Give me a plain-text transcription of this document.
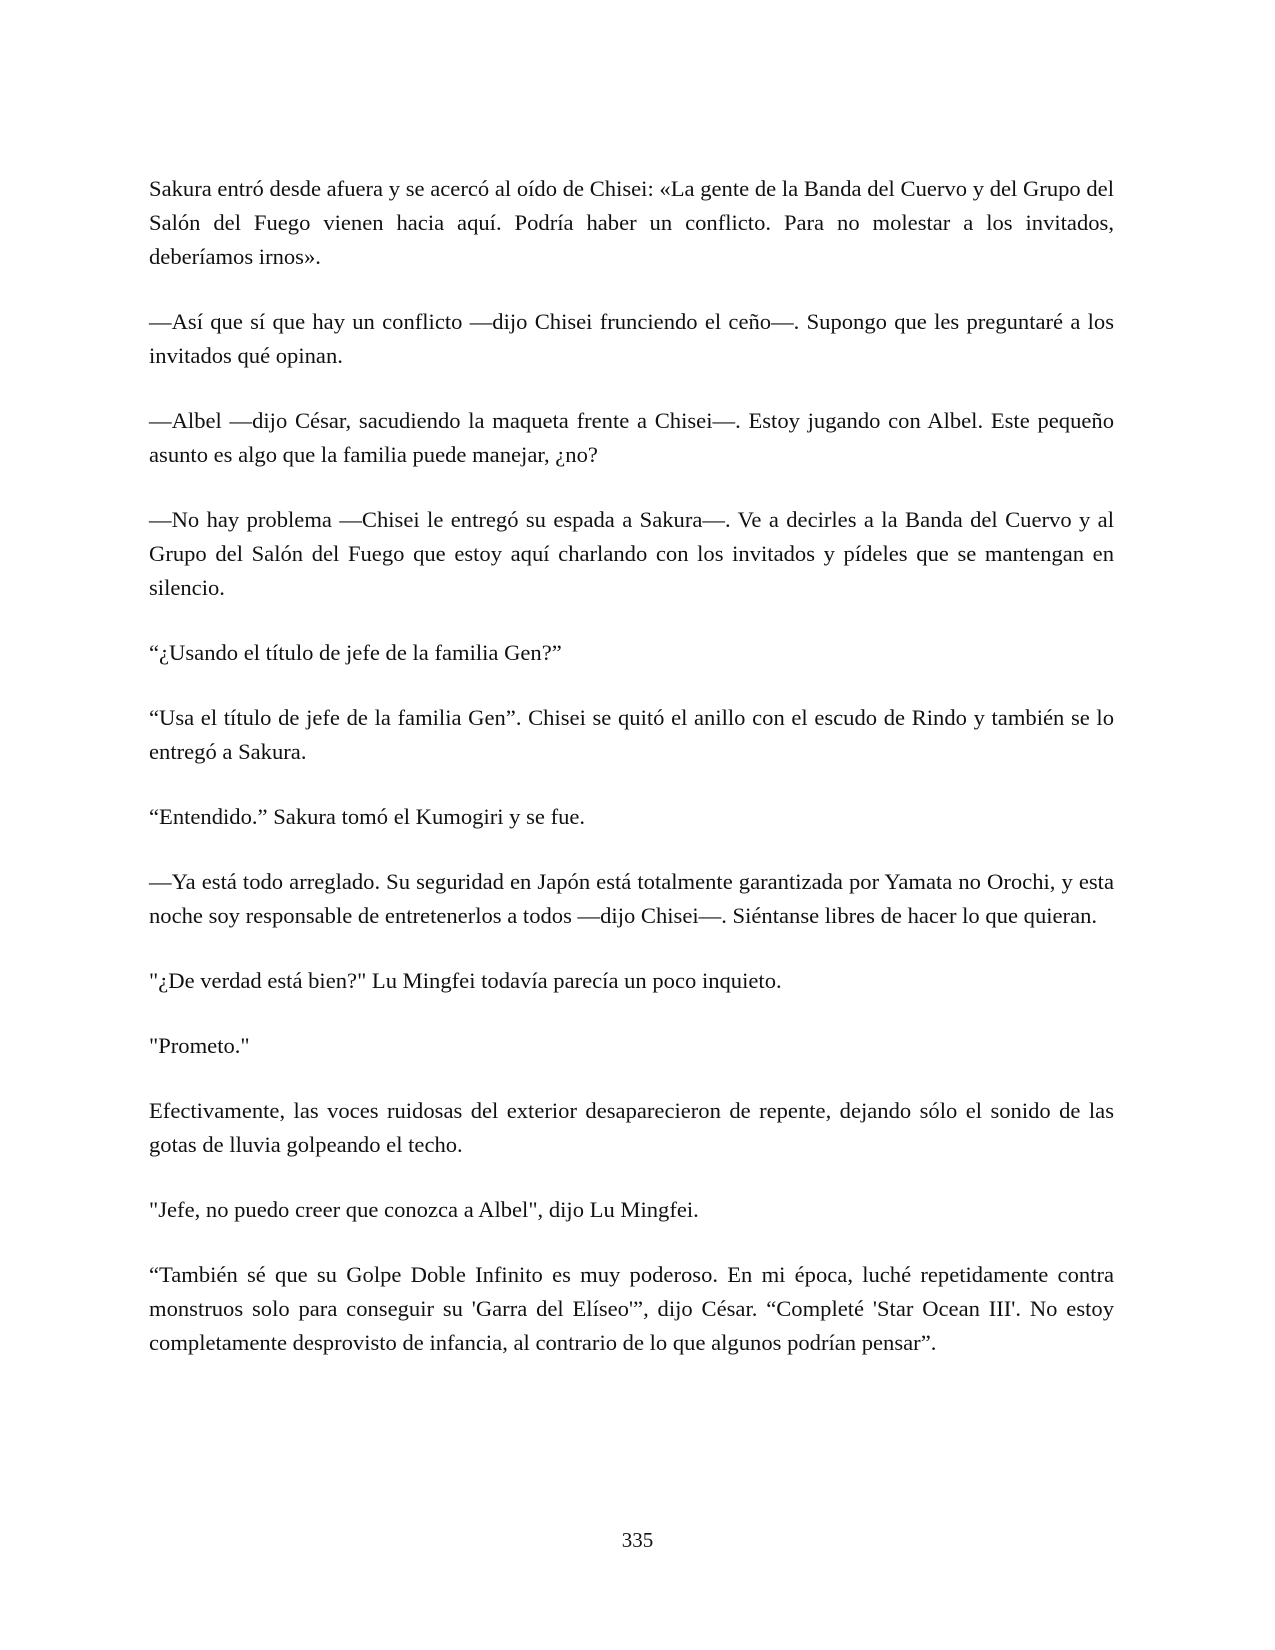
Sakura entró desde afuera y se acercó al oído de Chisei: «La gente de la Banda del Cuervo y del Grupo del Salón del Fuego vienen hacia aquí. Podría haber un conflicto. Para no molestar a los invitados, deberíamos irnos».

—Así que sí que hay un conflicto —dijo Chisei frunciendo el ceño—. Supongo que les preguntaré a los invitados qué opinan.

—Albel —dijo César, sacudiendo la maqueta frente a Chisei—. Estoy jugando con Albel. Este pequeño asunto es algo que la familia puede manejar, ¿no?

—No hay problema —Chisei le entregó su espada a Sakura—. Ve a decirles a la Banda del Cuervo y al Grupo del Salón del Fuego que estoy aquí charlando con los invitados y pídeles que se mantengan en silencio.

“¿Usando el título de jefe de la familia Gen?”

“Usa el título de jefe de la familia Gen”. Chisei se quitó el anillo con el escudo de Rindo y también se lo entregó a Sakura.

“Entendido.” Sakura tomó el Kumogiri y se fue.

—Ya está todo arreglado. Su seguridad en Japón está totalmente garantizada por Yamata no Orochi, y esta noche soy responsable de entretenerlos a todos —dijo Chisei—. Siéntanse libres de hacer lo que quieran.

"¿De verdad está bien?" Lu Mingfei todavía parecía un poco inquieto.

"Prometo."

Efectivamente, las voces ruidosas del exterior desaparecieron de repente, dejando sólo el sonido de las gotas de lluvia golpeando el techo.

"Jefe, no puedo creer que conozca a Albel", dijo Lu Mingfei.

“También sé que su Golpe Doble Infinito es muy poderoso. En mi época, luché repetidamente contra monstruos solo para conseguir su 'Garra del Elíseo'”, dijo César. “Completé 'Star Ocean III'. No estoy completamente desprovisto de infancia, al contrario de lo que algunos podrían pensar”.

335
